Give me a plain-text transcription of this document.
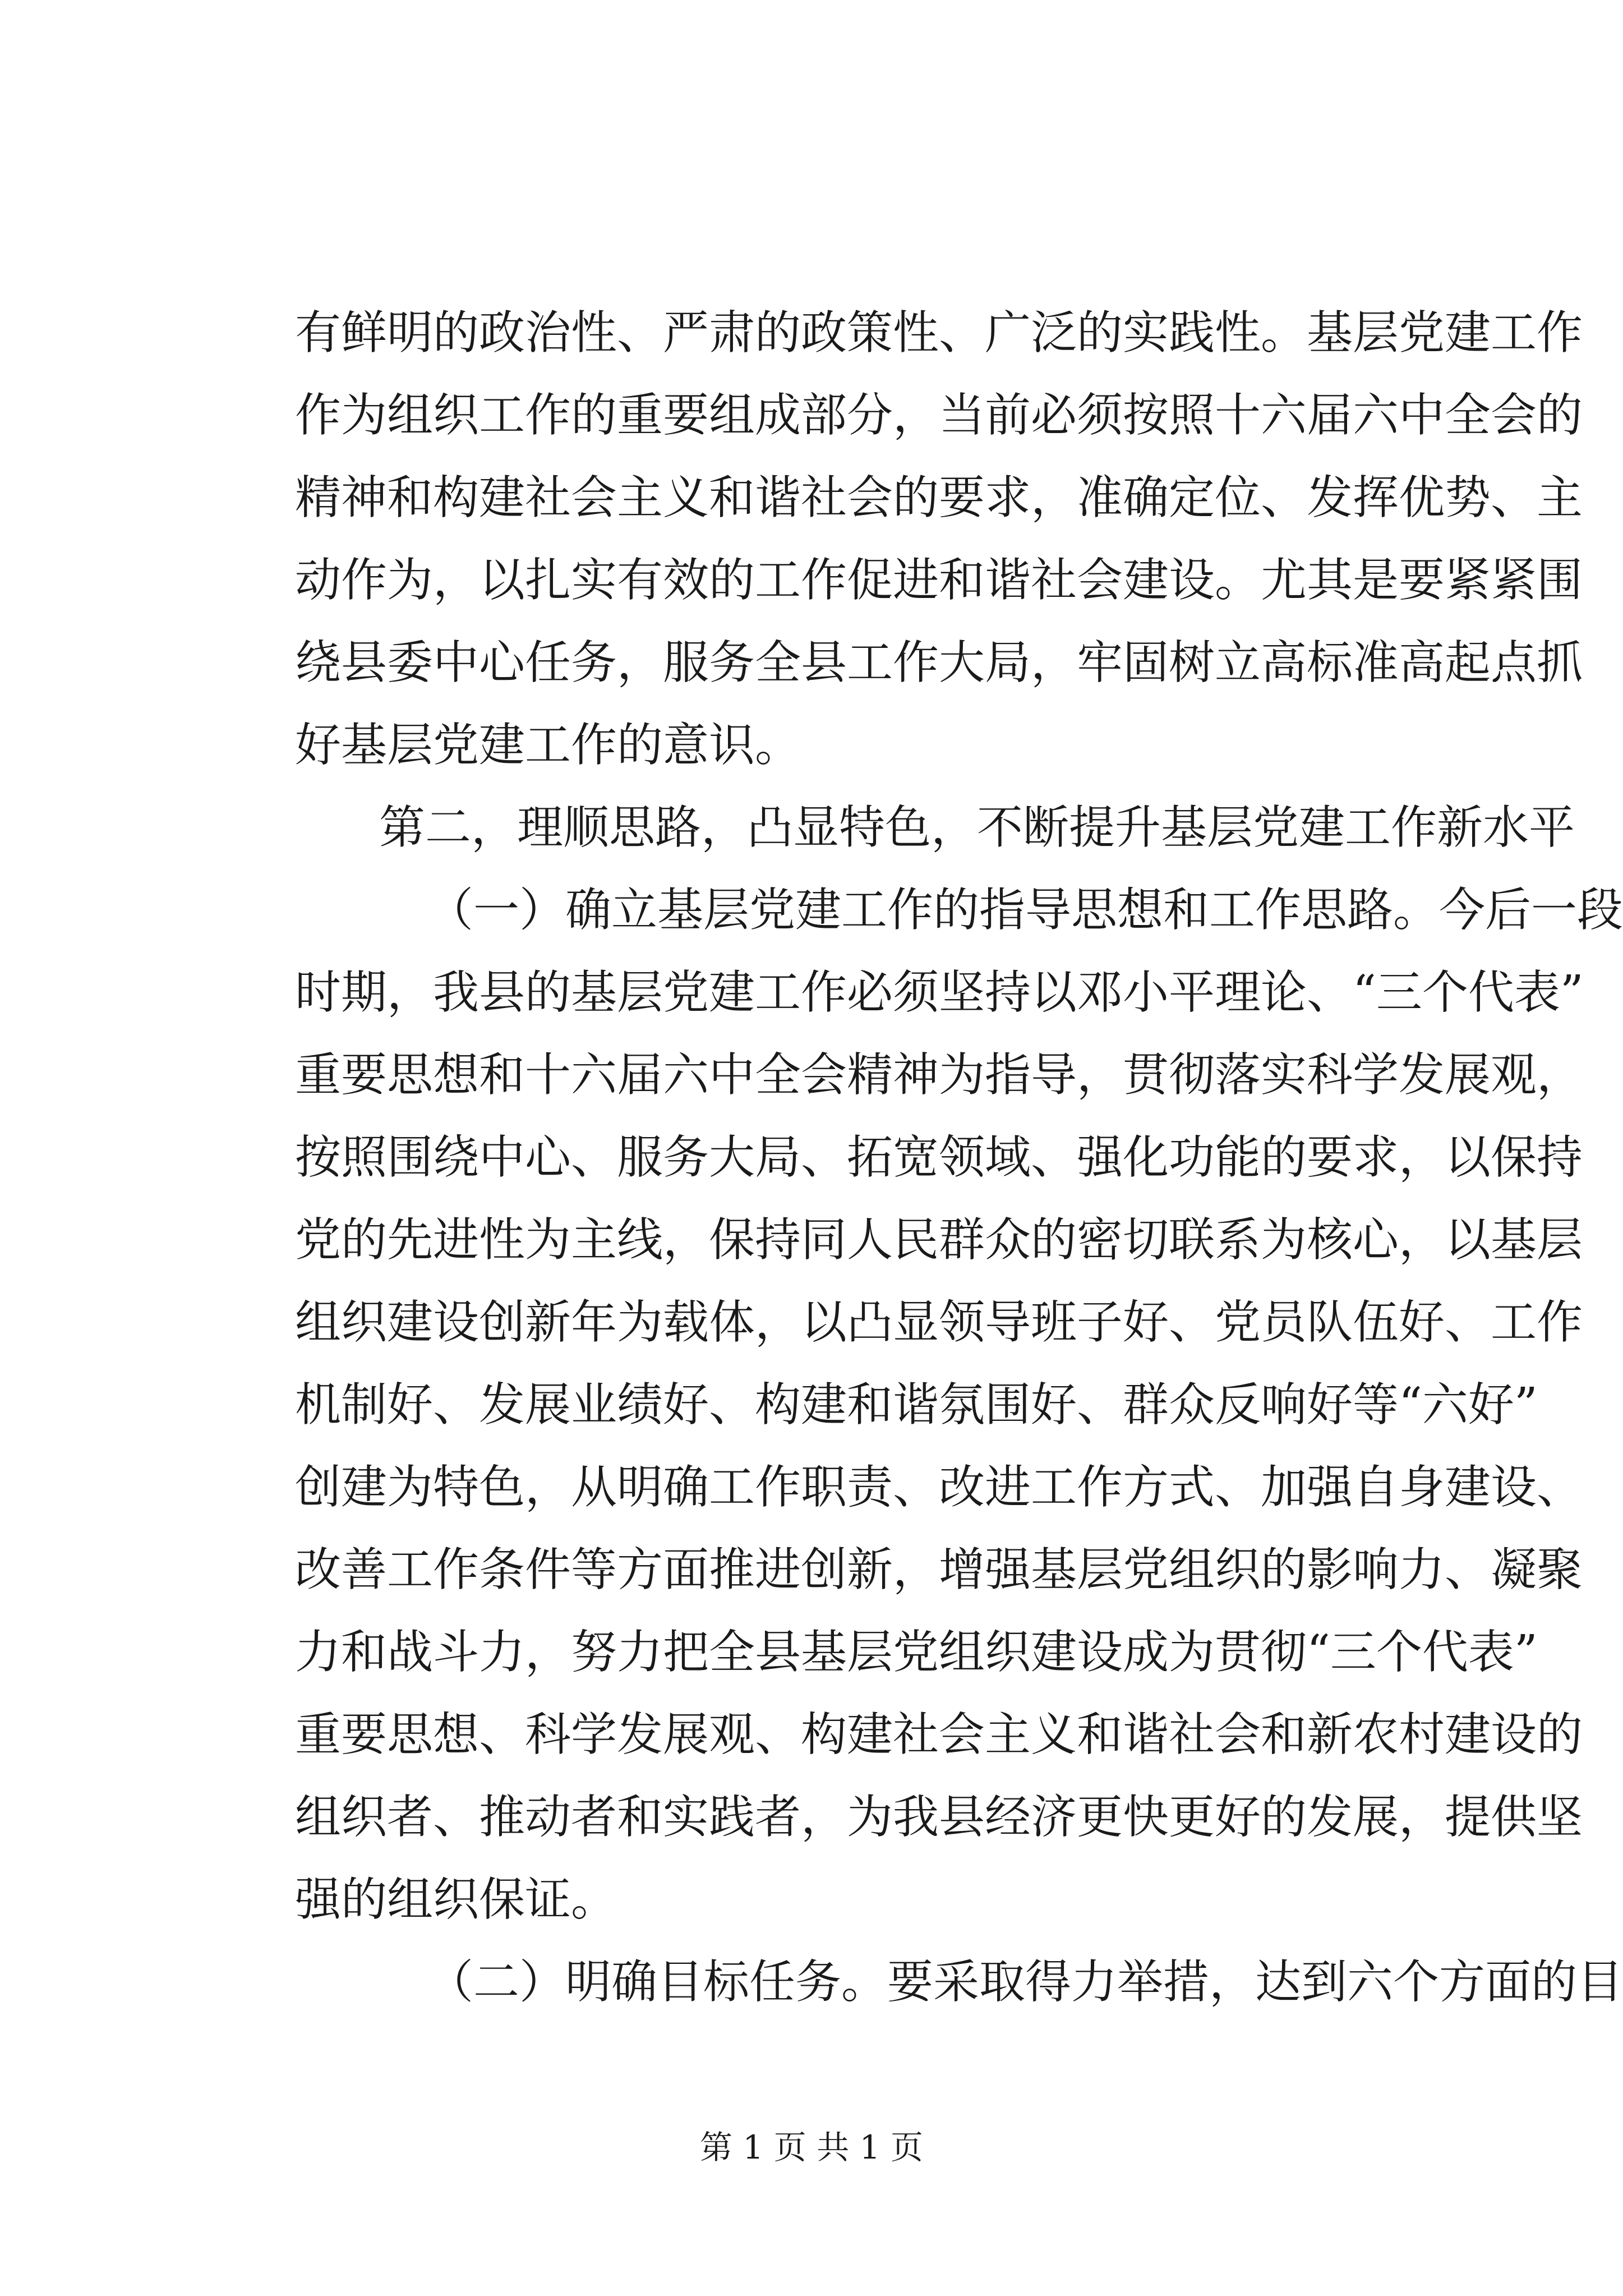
有鲜明的政治性、严肃的政策性、广泛的实践性。基层党建工作
作为组织工作的重要组成部分，当前必须按照十六届六中全会的
精神和构建社会主义和谐社会的要求，准确定位、发挥优势、主
动作为，以扎实有效的工作促进和谐社会建设。尤其是要紧紧围
绕县委中心任务，服务全县工作大局，牢固树立高标准高起点抓
好基层党建工作的意识。
第二，理顺思路，凸显特色，不断提升基层党建工作新水平
（一）确立基层党建工作的指导思想和工作思路。今后一段
时期，我县的基层党建工作必须坚持以邓小平理论、“三个代表”
重要思想和十六届六中全会精神为指导，贯彻落实科学发展观，
按照围绕中心、服务大局、拓宽领域、强化功能的要求，以保持
党的先进性为主线，保持同人民群众的密切联系为核心，以基层
组织建设创新年为载体，以凸显领导班子好、党员队伍好、工作
机制好、发展业绩好、构建和谐氛围好、群众反响好等“六好”
创建为特色，从明确工作职责、改进工作方式、加强自身建设、
改善工作条件等方面推进创新，增强基层党组织的影响力、凝聚
力和战斗力，努力把全县基层党组织建设成为贯彻“三个代表”
重要思想、科学发展观、构建社会主义和谐社会和新农村建设的
组织者、推动者和实践者，为我县经济更快更好的发展，提供坚
强的组织保证。
（二）明确目标任务。要采取得力举措，达到六个方面的目
第 1 页 共 1 页
